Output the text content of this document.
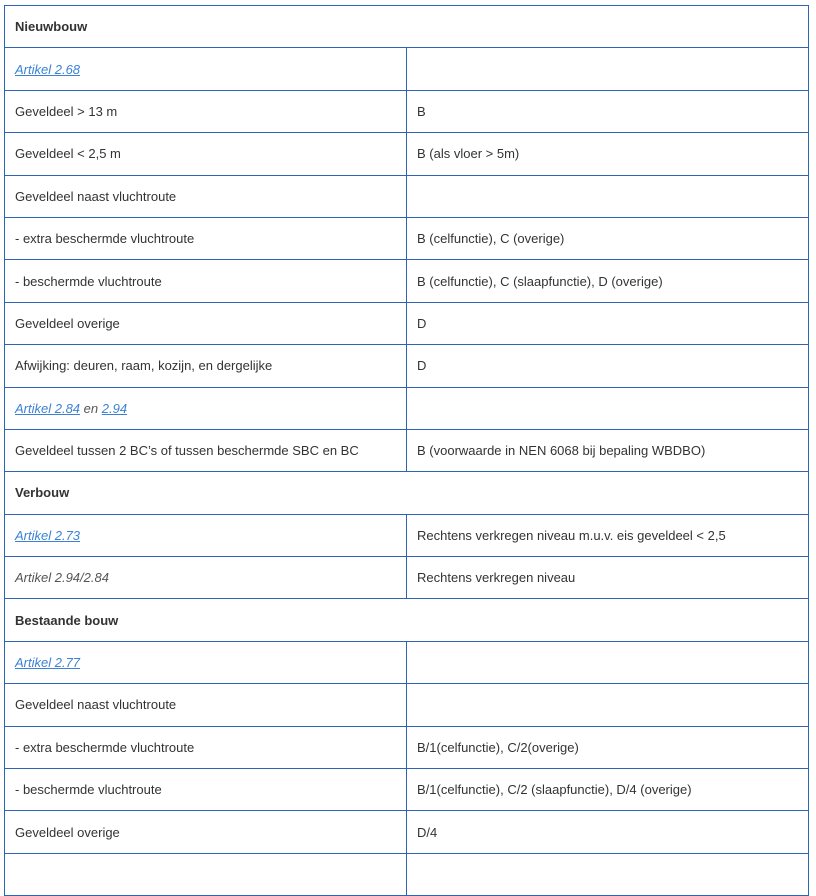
Nieuwbouw	
Artikel 2.68	
Geveldeel > 13 m	B
Geveldeel < 2,5 m	B (als vloer > 5m)
Geveldeel naast vluchtroute	
- extra beschermde vluchtroute	B (celfunctie), C (overige)
- beschermde vluchtroute	B (celfunctie), C (slaapfunctie), D (overige)
Geveldeel overige	D
Afwijking: deuren, raam, kozijn, en dergelijke	D
Artikel 2.84 en 2.94	
Geveldeel tussen 2 BC’s of tussen beschermde SBC en BC	B (voorwaarde in NEN 6068 bij bepaling WBDBO)
Verbouw	
Artikel 2.73	Rechtens verkregen niveau m.u.v. eis geveldeel < 2,5
Artikel 2.94/2.84	Rechtens verkregen niveau
Bestaande bouw	
Artikel 2.77	
Geveldeel naast vluchtroute	
- extra beschermde vluchtroute	B/1(celfunctie), C/2(overige)
- beschermde vluchtroute	B/1(celfunctie), C/2 (slaapfunctie), D/4 (overige)
Geveldeel overige	D/4
